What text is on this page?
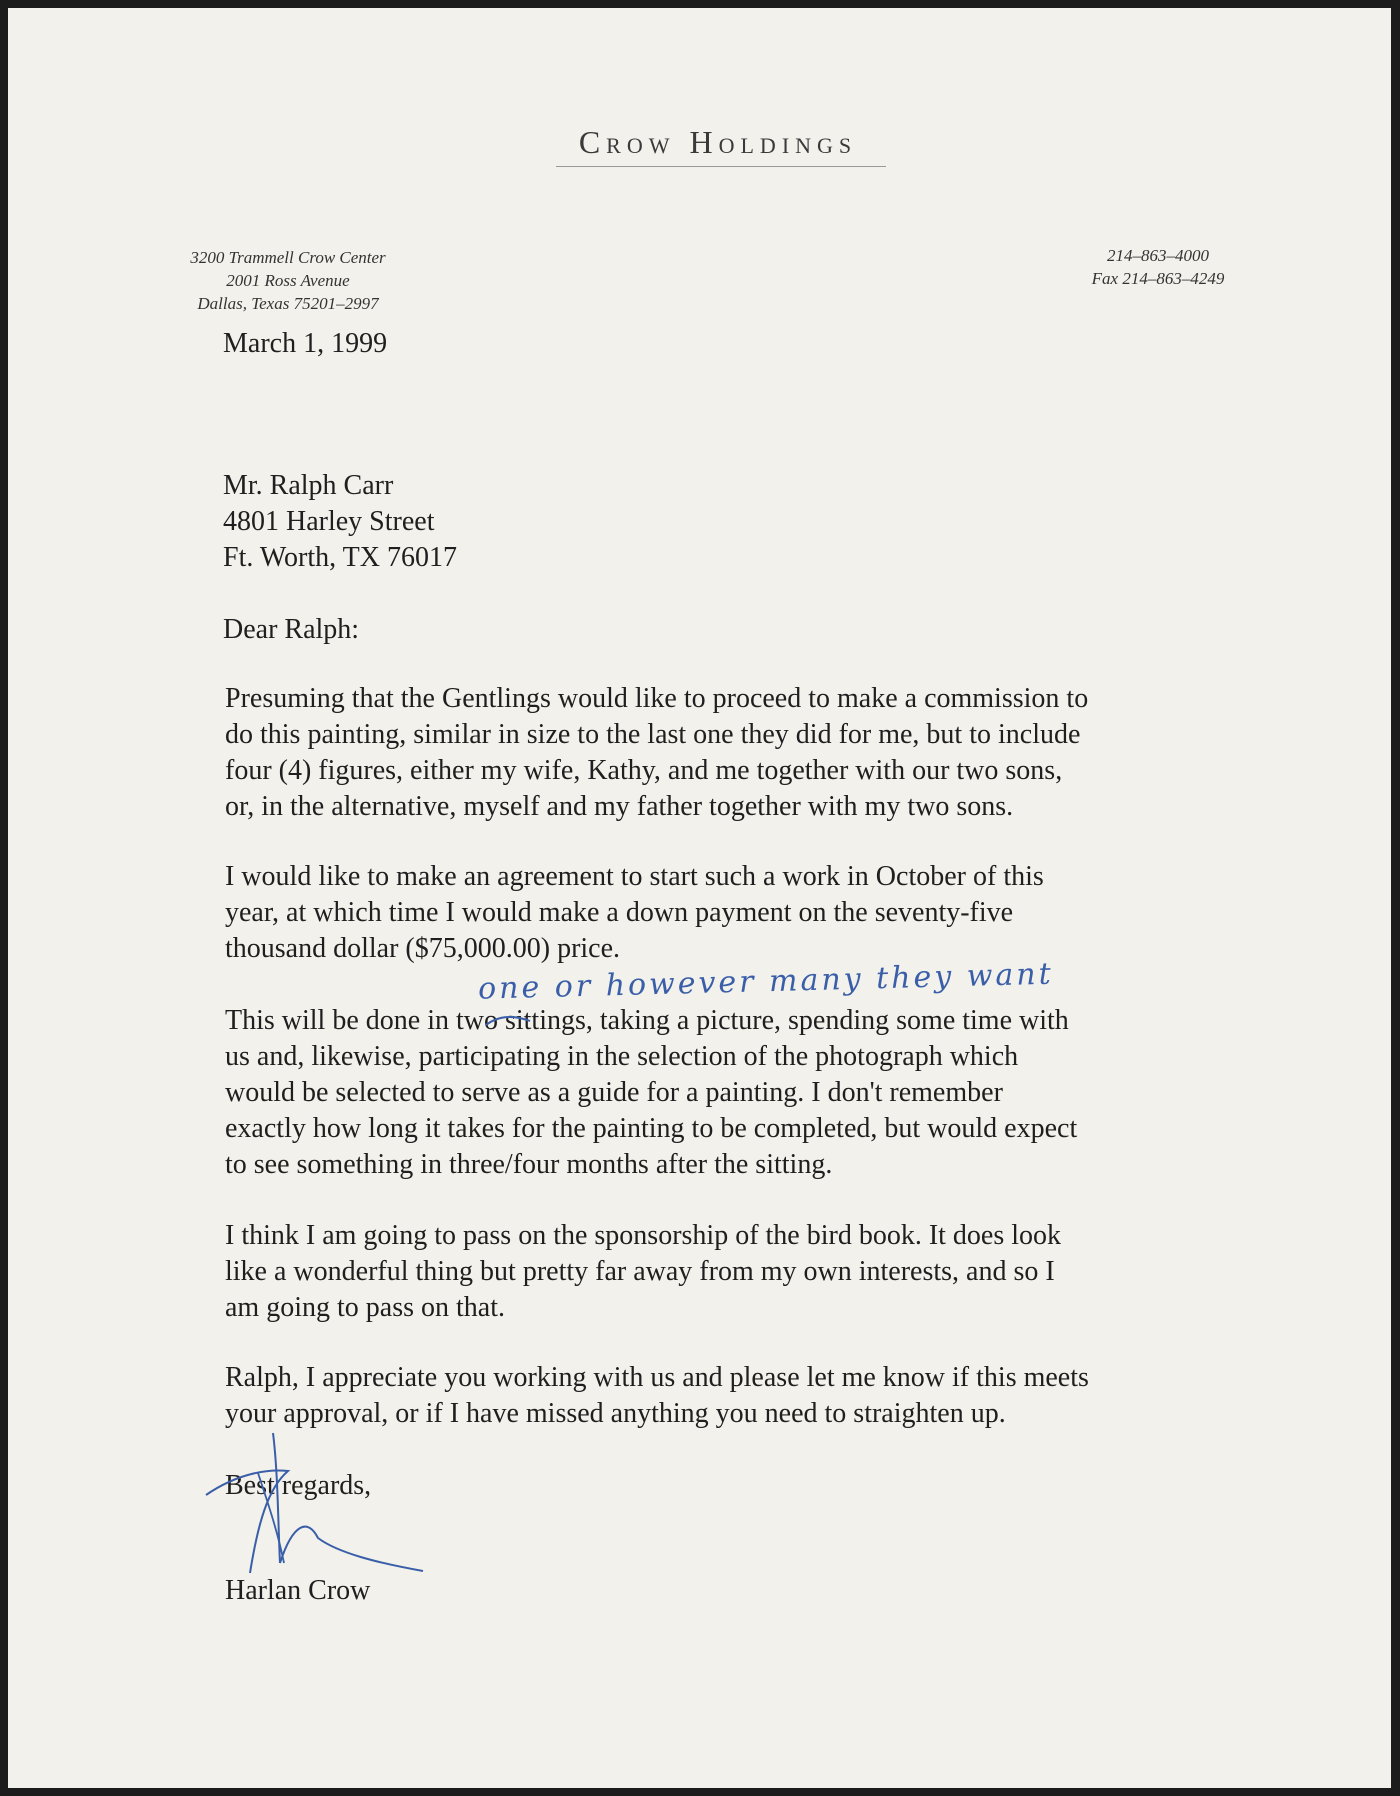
Crow Holdings
3200 Trammell Crow Center
2001 Ross Avenue
Dallas, Texas 75201–2997
214–863–4000
Fax 214–863–4249
March 1, 1999
Mr. Ralph Carr
4801 Harley Street
Ft. Worth, TX 76017
Dear Ralph:
Presuming that the Gentlings would like to proceed to make a commission to
do this painting, similar in size to the last one they did for me, but to include
four (4) figures, either my wife, Kathy, and me together with our two sons,
or, in the alternative, myself and my father together with my two sons.
I would like to make an agreement to start such a work in October of this
year, at which time I would make a down payment on the seventy-five
thousand dollar ($75,000.00) price.
one or however many they want
This will be done in two sittings, taking a picture, spending some time with
us and, likewise, participating in the selection of the photograph which
would be selected to serve as a guide for a painting. I don't remember
exactly how long it takes for the painting to be completed, but would expect
to see something in three/four months after the sitting.
I think I am going to pass on the sponsorship of the bird book. It does look
like a wonderful thing but pretty far away from my own interests, and so I
am going to pass on that.
Ralph, I appreciate you working with us and please let me know if this meets
your approval, or if I have missed anything you need to straighten up.
Best regards,
Harlan Crow
